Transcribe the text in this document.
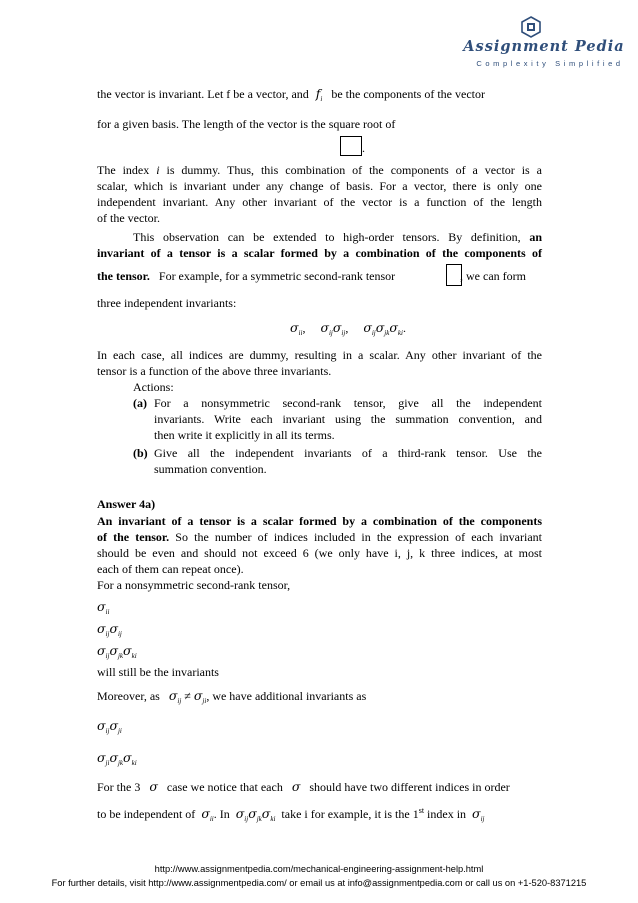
Assignment Pedia
Complexity Simplified
the vector is invariant. Let f be a vector, and $f_i$ be the components of the vector
for a given basis. The length of the vector is the square root of
.
The index i is dummy. Thus, this combination of the components of a vector is a
scalar, which is invariant under any change of basis. For a vector, there is only one
independent invariant. Any other invariant of the vector is a function of the length
of the vector.
This observation can be extended to high-order tensors. By definition, an
invariant of a tensor is a scalar formed by a combination of the components of
the tensor. For example, for a symmetric second-rank tensor	, we can form
three independent invariants:
$\sigma_{ii}$, $\sigma_{ij}\sigma_{ij}$, $\sigma_{ij}\sigma_{jk}\sigma_{ki}$.
In each case, all indices are dummy, resulting in a scalar. Any other invariant of the
tensor is a function of the above three invariants.
Actions:
(a) For a nonsymmetric second-rank tensor, give all the independent
invariants. Write each invariant using the summation convention, and
then write it explicitly in all its terms.
(b) Give all the independent invariants of a third-rank tensor. Use the
summation convention.
Answer 4a)
An invariant of a tensor is a scalar formed by a combination of the components
of the tensor. So the number of indices included in the expression of each invariant
should be even and should not exceed 6 (we only have i, j, k three indices, at most
each of them can repeat once).
For a nonsymmetric second-rank tensor,
$\sigma_{ii}$
$\sigma_{ij}\sigma_{ij}$
$\sigma_{ij}\sigma_{jk}\sigma_{ki}$
will still be the invariants
Moreover, as $\sigma_{ij} \ne \sigma_{ji}$, we have additional invariants as
$\sigma_{ij}\sigma_{ji}$
$\sigma_{ji}\sigma_{jk}\sigma_{ki}$
For the 3 σ case we notice that each σ should have two different indices in order
to be independent of $\sigma_{ii}$. In $\sigma_{ij}\sigma_{jk}\sigma_{ki}$ take i for example, it is the 1st index in $\sigma_{ij}$
http://www.assignmentpedia.com/mechanical-engineering-assignment-help.html
For further details, visit http://www.assignmentpedia.com/ or email us at info@assignmentpedia.com or call us on +1-520-8371215
